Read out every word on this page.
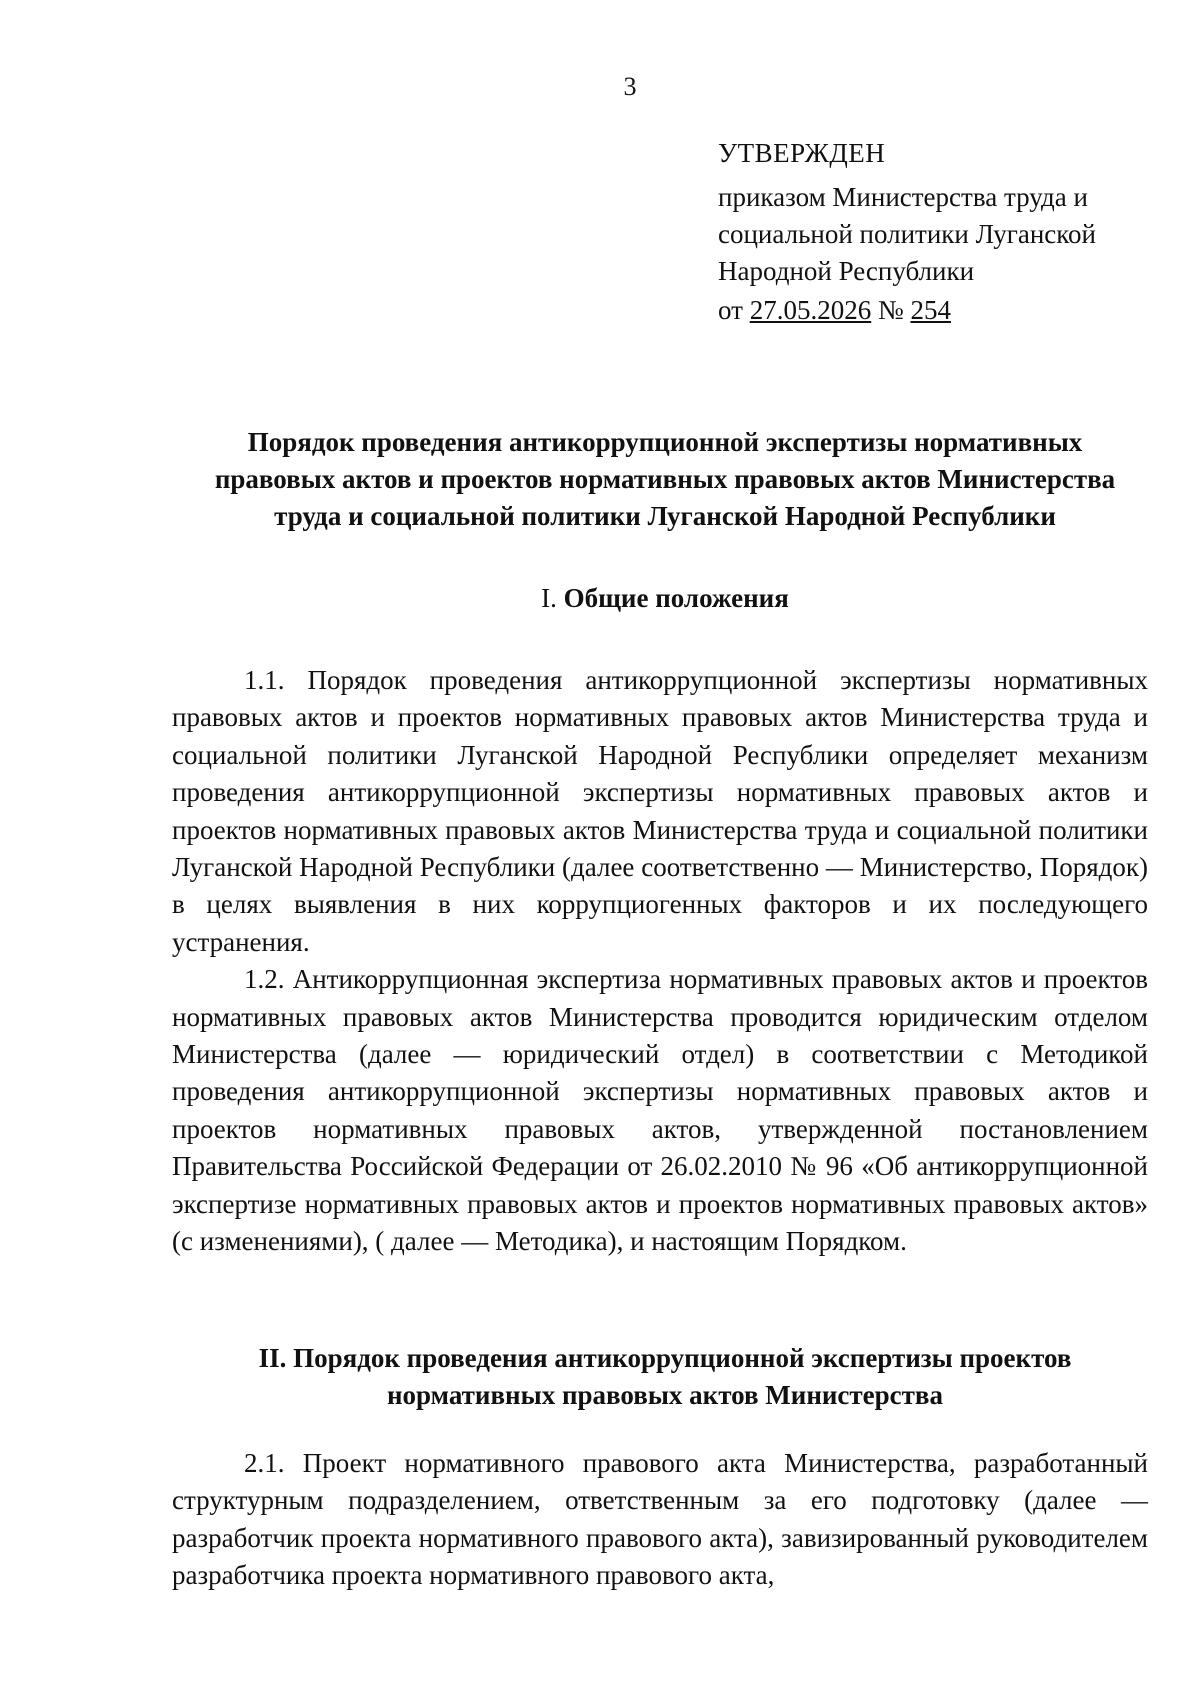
3
УТВЕРЖДЕН
приказом Министерства труда и
социальной политики Луганской
Народной Республики
от 27.05.2026 № 254
Порядок проведения антикоррупционной экспертизы нормативных
правовых актов и проектов нормативных правовых актов Министерства
труда и социальной политики Луганской Народной Республики
I. Общие положения

1.1. Порядок проведения антикоррупционной экспертизы нормативных правовых актов и проектов нормативных правовых актов Министерства труда и социальной политики Луганской Народной Республики определяет механизм проведения антикоррупционной экспертизы нормативных правовых актов и проектов нормативных правовых актов Министерства труда и социальной политики Луганской Народной Республики (далее соответственно — Министерство, Порядок) в целях выявления в них коррупциогенных факторов и их последующего устранения.

1.2. Антикоррупционная экспертиза нормативных правовых актов и проектов нормативных правовых актов Министерства проводится юридическим отделом Министерства (далее — юридический отдел) в соответствии с Методикой проведения антикоррупционной экспертизы нормативных правовых актов и проектов нормативных правовых актов, утвержденной постановлением Правительства Российской Федерации от 26.02.2010 № 96 «Об антикоррупционной экспертизе нормативных правовых актов и проектов нормативных правовых актов» (с изменениями), ( далее — Методика), и настоящим Порядком.

II. Порядок проведения антикоррупционной экспертизы проектов
нормативных правовых актов Министерства

2.1. Проект нормативного правового акта Министерства, разработанный структурным подразделением, ответственным за его подготовку (далее — разработчик проекта нормативного правового акта), завизированный руководителем разработчика проекта нормативного правового акта,
